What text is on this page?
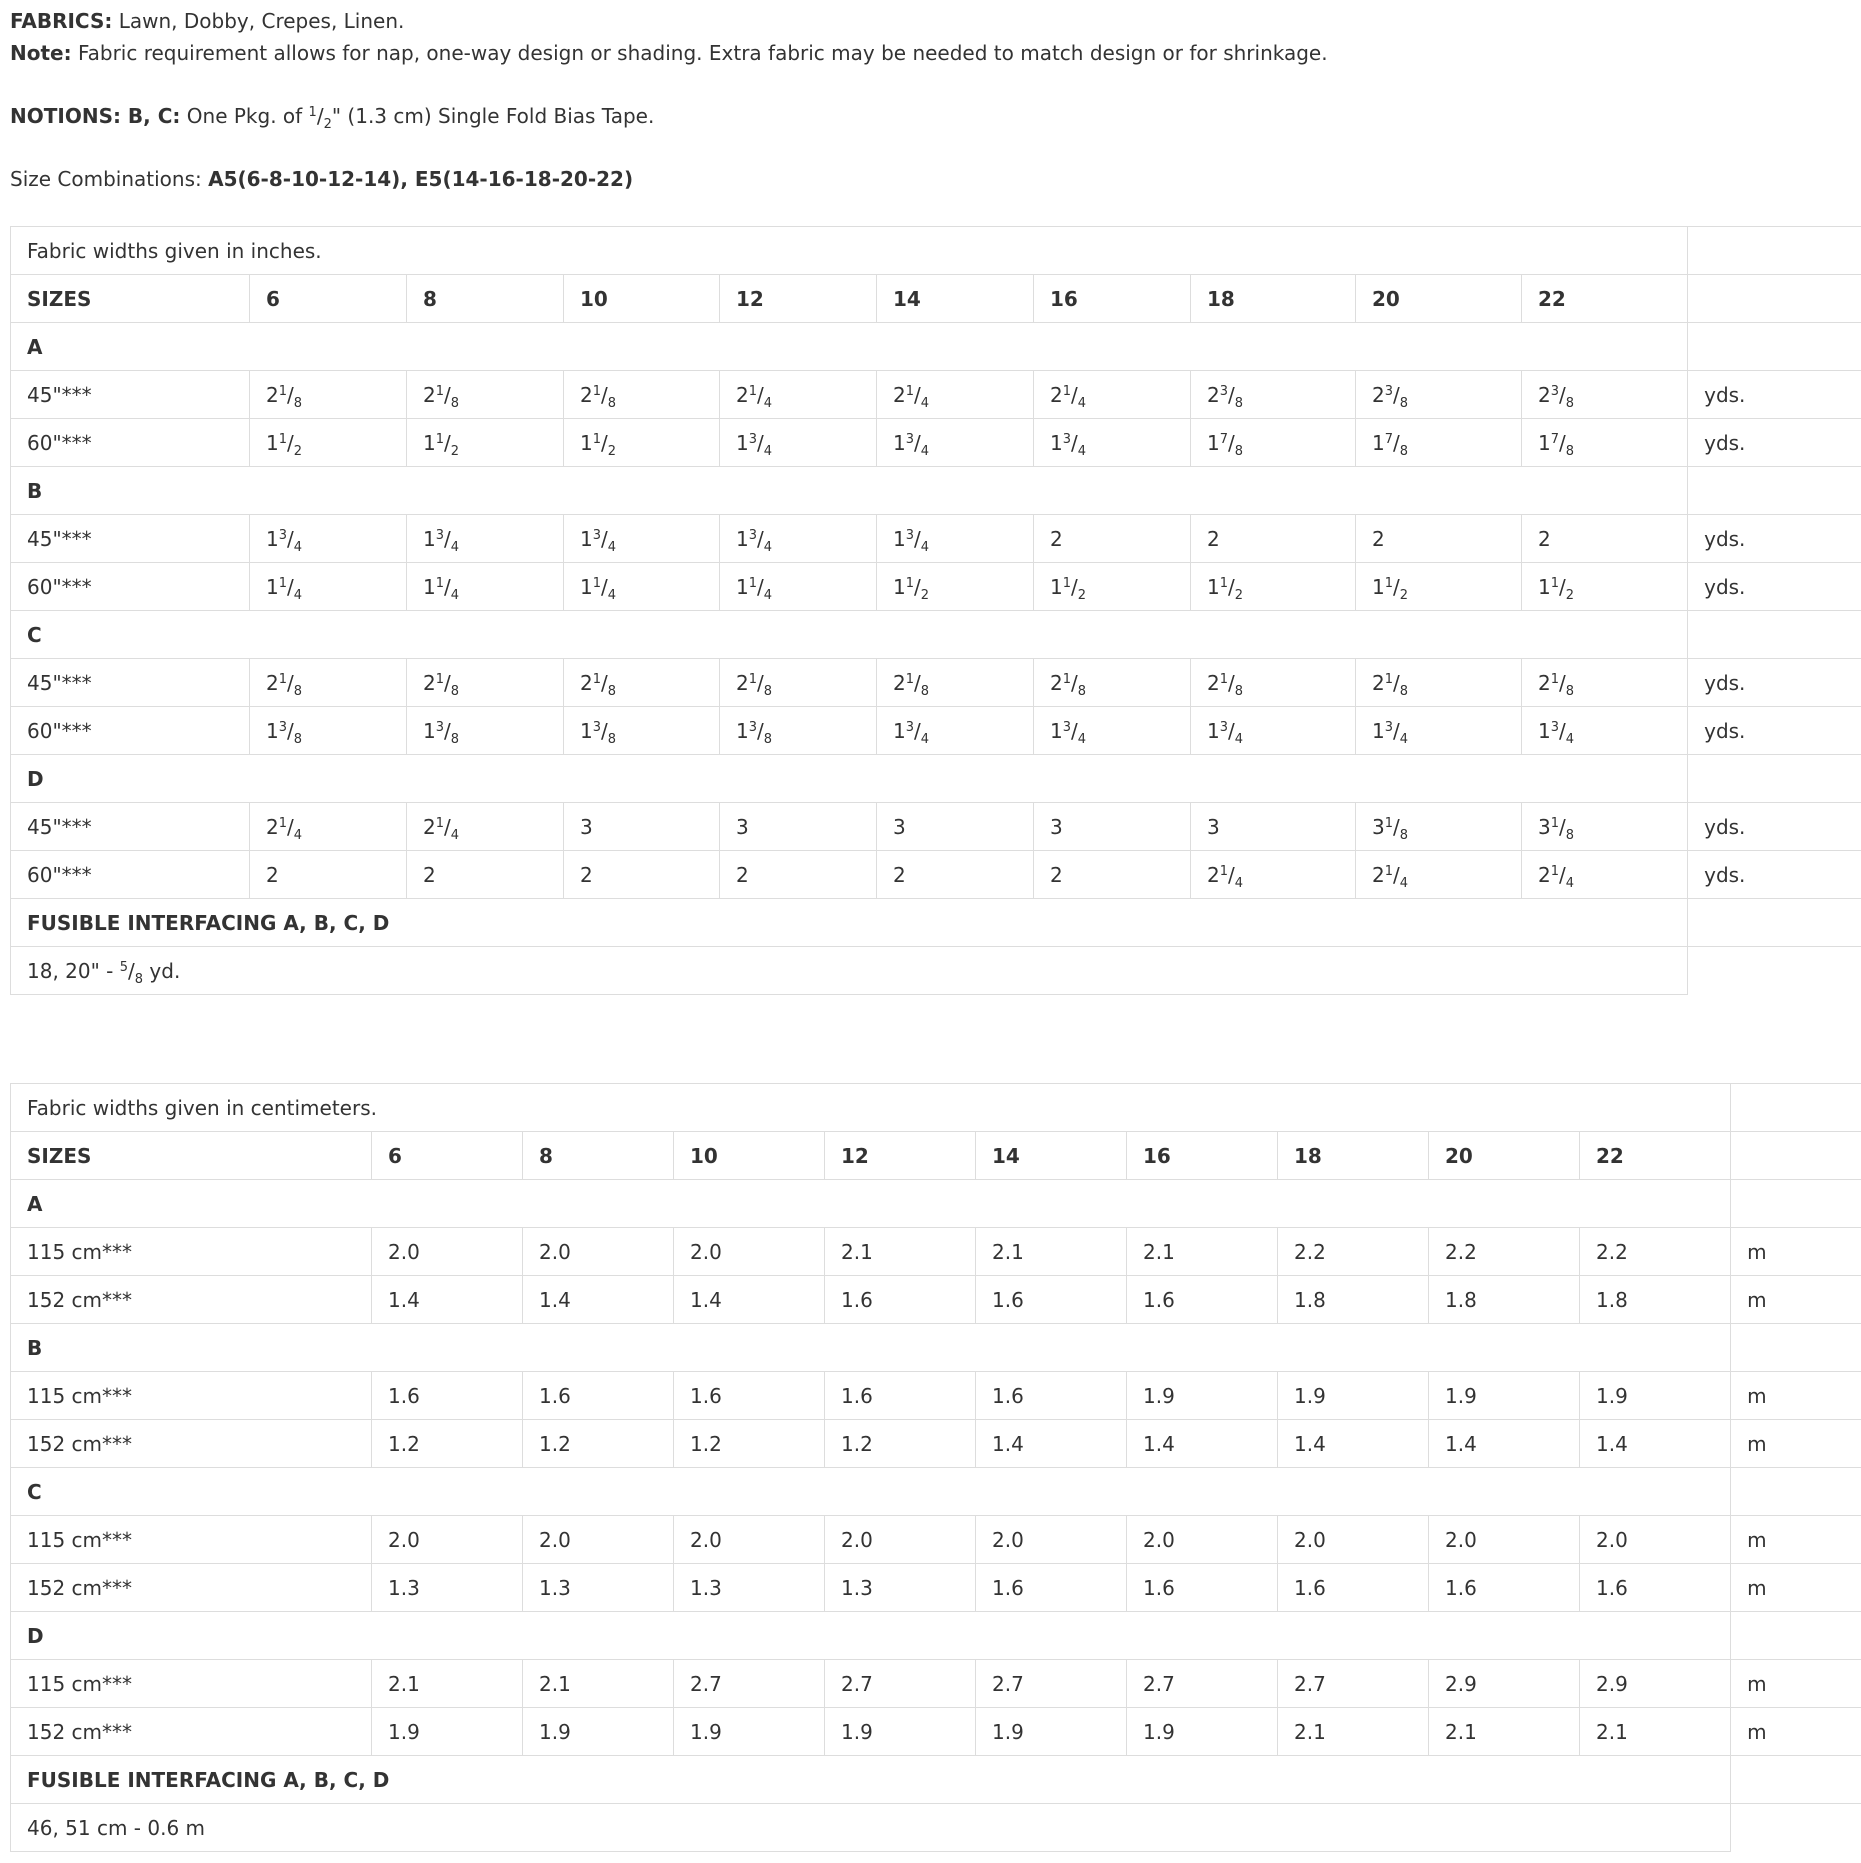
FABRICS: Lawn, Dobby, Crepes, Linen.
Note: Fabric requirement allows for nap, one-way design or shading. Extra fabric may be needed to match design or for shrinkage.
NOTIONS: B, C: One Pkg. of $^1/_2$" (1.3 cm) Single Fold Bias Tape.
Size Combinations: A5(6-8-10-12-14), E5(14-16-18-20-22)
Fabric widths given in inches.										
SIZES	6	8	10	12	14	16	18	20	22	
A										
45"***	$2^1/_8$	$2^1/_8$	$2^1/_8$	$2^1/_4$	$2^1/_4$	$2^1/_4$	$2^3/_8$	$2^3/_8$	$2^3/_8$	yds.
60"***	$1^1/_2$	$1^1/_2$	$1^1/_2$	$1^3/_4$	$1^3/_4$	$1^3/_4$	$1^7/_8$	$1^7/_8$	$1^7/_8$	yds.
B										
45"***	$1^3/_4$	$1^3/_4$	$1^3/_4$	$1^3/_4$	$1^3/_4$	2	2	2	2	yds.
60"***	$1^1/_4$	$1^1/_4$	$1^1/_4$	$1^1/_4$	$1^1/_2$	$1^1/_2$	$1^1/_2$	$1^1/_2$	$1^1/_2$	yds.
C										
45"***	$2^1/_8$	$2^1/_8$	$2^1/_8$	$2^1/_8$	$2^1/_8$	$2^1/_8$	$2^1/_8$	$2^1/_8$	$2^1/_8$	yds.
60"***	$1^3/_8$	$1^3/_8$	$1^3/_8$	$1^3/_8$	$1^3/_4$	$1^3/_4$	$1^3/_4$	$1^3/_4$	$1^3/_4$	yds.
D										
45"***	$2^1/_4$	$2^1/_4$	3	3	3	3	3	$3^1/_8$	$3^1/_8$	yds.
60"***	2	2	2	2	2	2	$2^1/_4$	$2^1/_4$	$2^1/_4$	yds.
FUSIBLE INTERFACING A, B, C, D										
18, 20" - $^5/_8$ yd.										
Fabric widths given in centimeters.										
SIZES	6	8	10	12	14	16	18	20	22	
A										
115 cm***	2.0	2.0	2.0	2.1	2.1	2.1	2.2	2.2	2.2	m
152 cm***	1.4	1.4	1.4	1.6	1.6	1.6	1.8	1.8	1.8	m
B										
115 cm***	1.6	1.6	1.6	1.6	1.6	1.9	1.9	1.9	1.9	m
152 cm***	1.2	1.2	1.2	1.2	1.4	1.4	1.4	1.4	1.4	m
C										
115 cm***	2.0	2.0	2.0	2.0	2.0	2.0	2.0	2.0	2.0	m
152 cm***	1.3	1.3	1.3	1.3	1.6	1.6	1.6	1.6	1.6	m
D										
115 cm***	2.1	2.1	2.7	2.7	2.7	2.7	2.7	2.9	2.9	m
152 cm***	1.9	1.9	1.9	1.9	1.9	1.9	2.1	2.1	2.1	m
FUSIBLE INTERFACING A, B, C, D										
46, 51 cm - 0.6 m										
